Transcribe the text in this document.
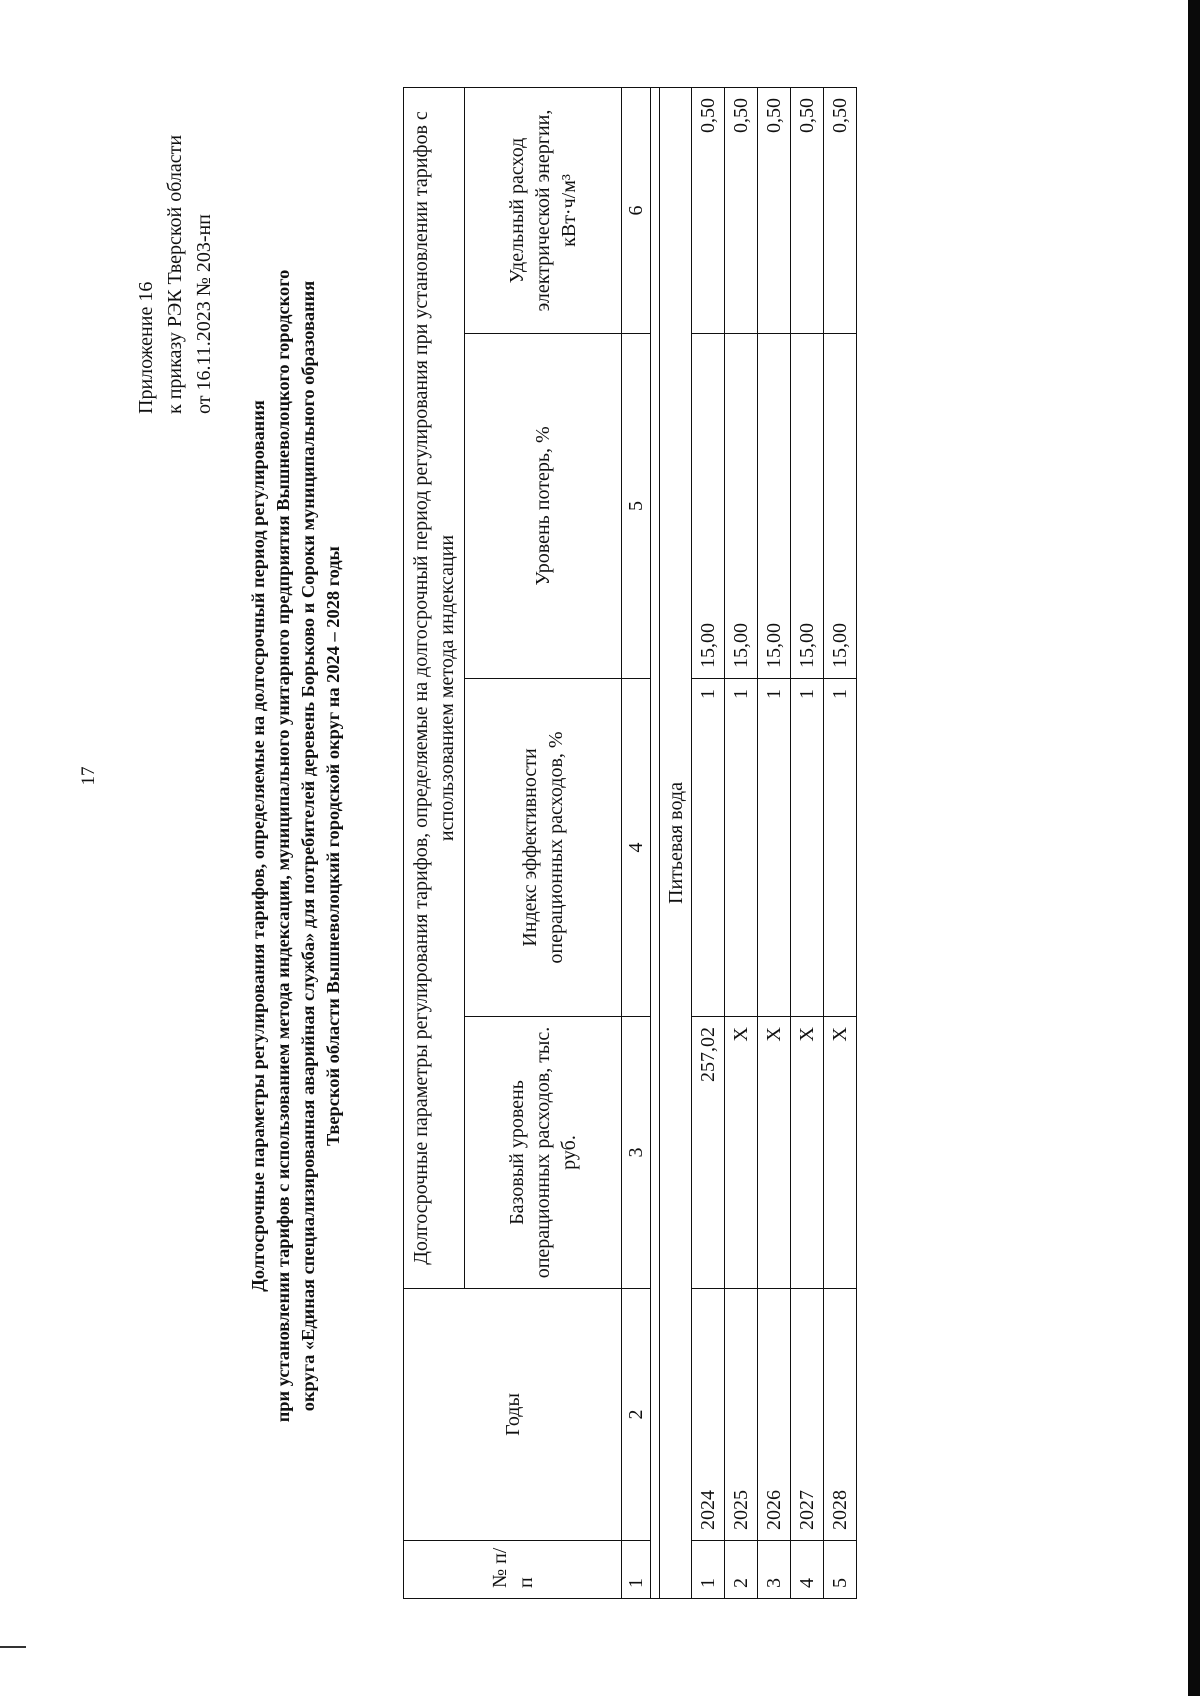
17
Приложение 16 к приказу РЭК Тверской области от 16.11.2023 № 203-нп
Долгосрочные параметры регулирования тарифов, определяемые на долгосрочный период регулирования при установлении тарифов с использованием метода индексации, муниципального унитарного предприятия Вышневолоцкого городского округа «Единая специализированная аварийная служба» для потребителей деревень Борьково и Сороки муниципального образования Тверской области Вышневолоцкий городской округ на 2024 – 2028 годы
№ п/п	Годы	Долгосрочные параметры регулирования тарифов, определяемые на долгосрочный период регулирования при установлении тарифов с использованием метода индексации			
		Базовый уровень операционных расходов, тыс. руб.	Индекс эффективности операционных расходов, %	Уровень потерь, %	Удельный расход электрической энергии, кВт·ч/м³
1	2	3	4	5	6

Питьевая вода					
1	2024	257,02	1	15,00	0,50
2	2025	X	1	15,00	0,50
3	2026	X	1	15,00	0,50
4	2027	X	1	15,00	0,50
5	2028	X	1	15,00	0,50
